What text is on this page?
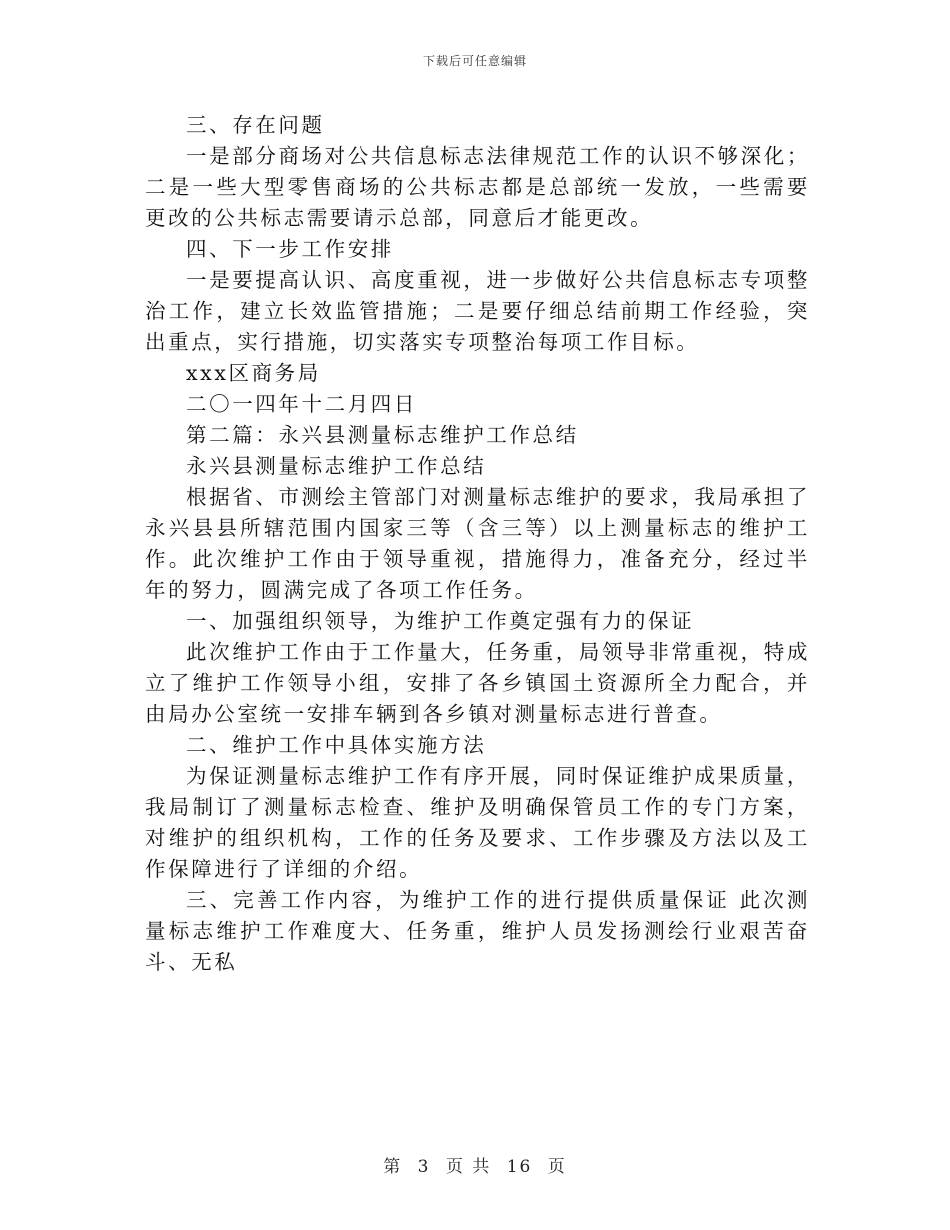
下载后可任意编辑

三、存在问题

一是部分商场对公共信息标志法律规范工作的认识不够深化；二是一些大型零售商场的公共标志都是总部统一发放，一些需要更改的公共标志需要请示总部，同意后才能更改。

四、下一步工作安排

一是要提高认识、高度重视，进一步做好公共信息标志专项整治工作，建立长效监管措施；二是要仔细总结前期工作经验，突出重点，实行措施，切实落实专项整治每项工作目标。

xxx区商务局

二〇一四年十二月四日

第二篇：永兴县测量标志维护工作总结

永兴县测量标志维护工作总结

根据省、市测绘主管部门对测量标志维护的要求，我局承担了永兴县县所辖范围内国家三等（含三等）以上测量标志的维护工作。此次维护工作由于领导重视，措施得力，准备充分，经过半年的努力，圆满完成了各项工作任务。

一、加强组织领导，为维护工作奠定强有力的保证

此次维护工作由于工作量大，任务重，局领导非常重视，特成立了维护工作领导小组，安排了各乡镇国土资源所全力配合，并由局办公室统一安排车辆到各乡镇对测量标志进行普查。

二、维护工作中具体实施方法

为保证测量标志维护工作有序开展，同时保证维护成果质量，我局制订了测量标志检查、维护及明确保管员工作的专门方案，对维护的组织机构，工作的任务及要求、工作步骤及方法以及工作保障进行了详细的介绍。

三、完善工作内容，为维护工作的进行提供质量保证 此次测量标志维护工作难度大、任务重，维护人员发扬测绘行业艰苦奋斗、无私

第 3 页 共 16 页
